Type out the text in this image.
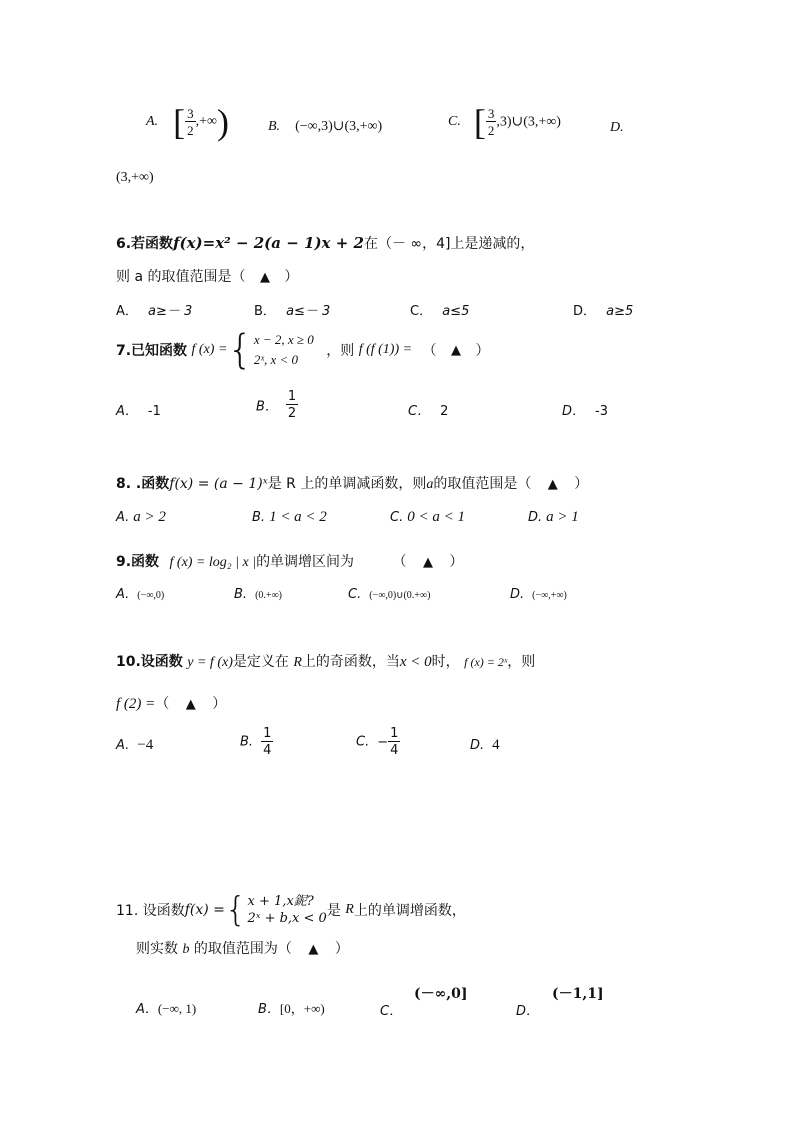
A. [ $\frac{3}{2}$ ,+∞)	B. (−∞,3)∪(3,+∞)	C. [ $\frac{3}{2}$ ,3)∪(3,+∞)	D.
(3,+∞)
6.若函数f(x)=x² − 2(a − 1)x + 2在（－ ∞，4]上是递减的，
则 a 的取值范围是（ ▲ ）
A． a≥－ 3	B． a≤－ 3	C． a≤5	D． a≥5
7.已知函数 f (x) ={ x − 2, x ≥ 0
2ˣ, x < 0
，则 f (f (1)) = （ ▲ ）
A． -1	B． $\frac{1}{2}$	C． 2	D． -3
8. .函数f(x) = (a − 1)ˣ是 R 上的单调减函数，则a的取值范围是（ ▲ ）
A. a > 2	B. 1 < a < 2	C. 0 < a < 1	D. a > 1
9.函数 f (x) = log₂ | x |的单调增区间为	（ ▲ ）
A. (−∞,0)	B. (0.+∞)	C. (−∞,0)∪(0.+∞)	D. (−∞,+∞)
10.设函数 y = f (x)是定义在 R上的奇函数，当x < 0时， f (x) = 2ˣ，则
f (2) =（ ▲ ）
A. −4	B. $\frac{1}{4}$	C. − $\frac{1}{4}$	D. 4
11. 设函数f(x) ={ x + 1,x鈮?
2ˣ + b,x < 0 是 R上的单调增函数，
则实数 b 的取值范围为（ ▲ ）
A．(−∞, 1)	B．[0，+∞)	C．
(－∞,0]
D．
(－1,1]
